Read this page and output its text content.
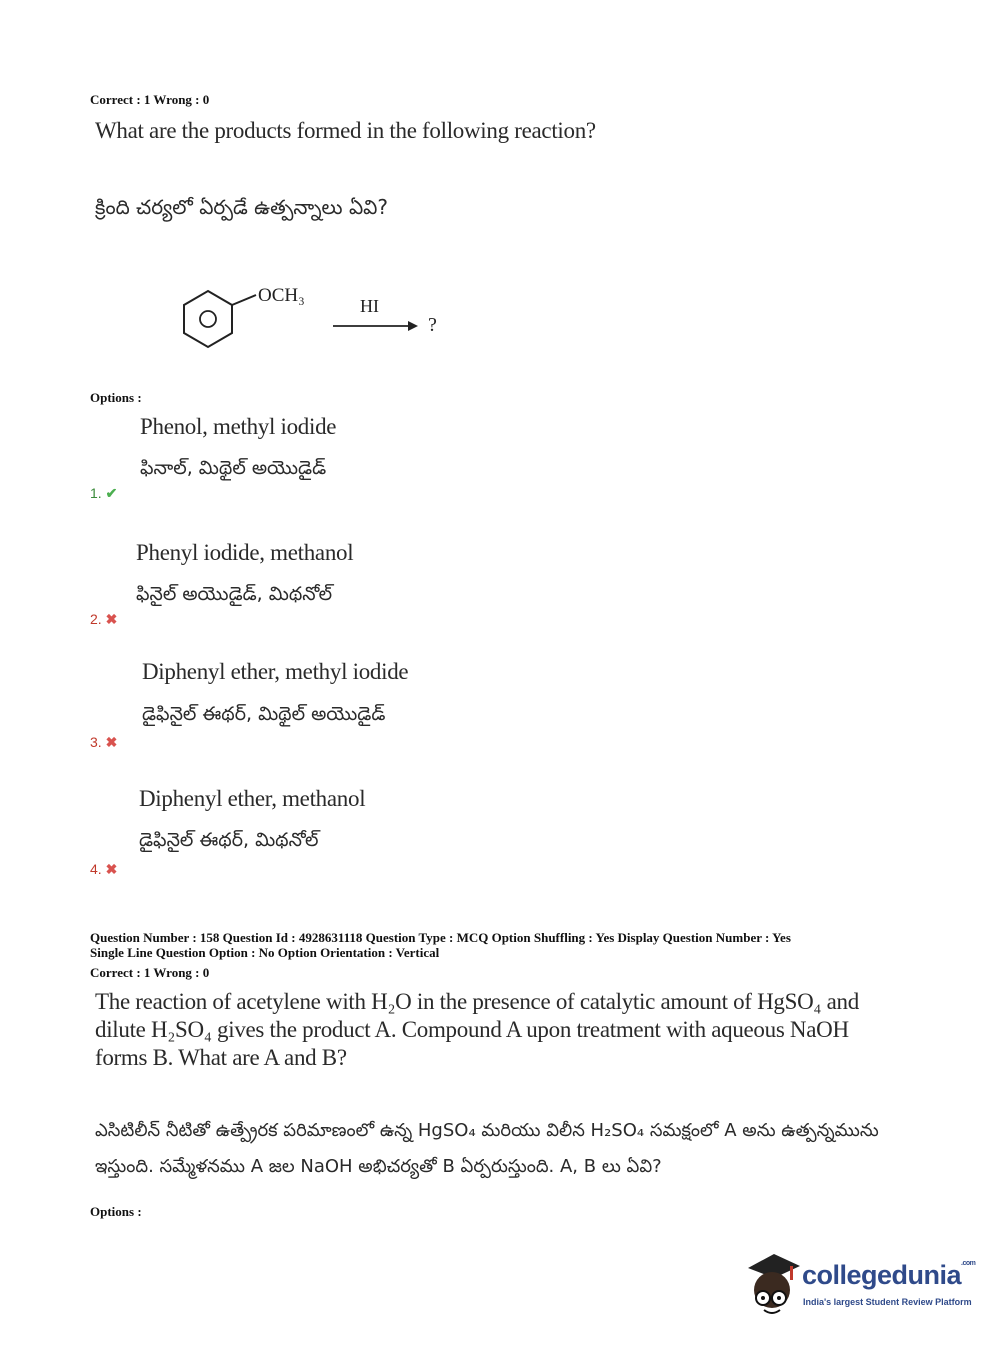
Correct : 1 Wrong : 0
What are the products formed in the following reaction?
క్రింది చర్యలో ఏర్పడే ఉత్పన్నాలు ఏవి?
OCH₃	HI
?
Options :
Phenol, methyl iodide
ఫినాల్, మిథైల్ అయొడైడ్
1. ✔
Phenyl iodide, methanol
ఫినైల్ అయొడైడ్, మిథనోల్
2. ✖
Diphenyl ether, methyl iodide
డైఫినైల్ ఈథర్, మిథైల్ అయొడైడ్
3. ✖
Diphenyl ether, methanol
డైఫినైల్ ఈథర్, మిథనోల్
4. ✖
Question Number : 158 Question Id : 4928631118 Question Type : MCQ Option Shuffling : Yes Display Question Number : Yes
Single Line Question Option : No Option Orientation : Vertical
Correct : 1 Wrong : 0
The reaction of acetylene with H₂O in the presence of catalytic amount of HgSO₄ and dilute H₂SO₄ gives the product A. Compound A upon treatment with aqueous NaOH forms B. What are A and B?
ఎసిటిలీన్ నీటితో ఉత్ప్రేరక పరిమాణంలో ఉన్న HgSO₄ మరియు విలీన H₂SO₄ సమక్షంలో A అను ఉత్పన్నమును ఇస్తుంది. సమ్మేళనము A జల NaOH అభిచర్యతో B ఏర్పరుస్తుంది. A, B లు ఏవి?
Options :
collegedunia$^{.com}$
India's largest Student Review Platform
